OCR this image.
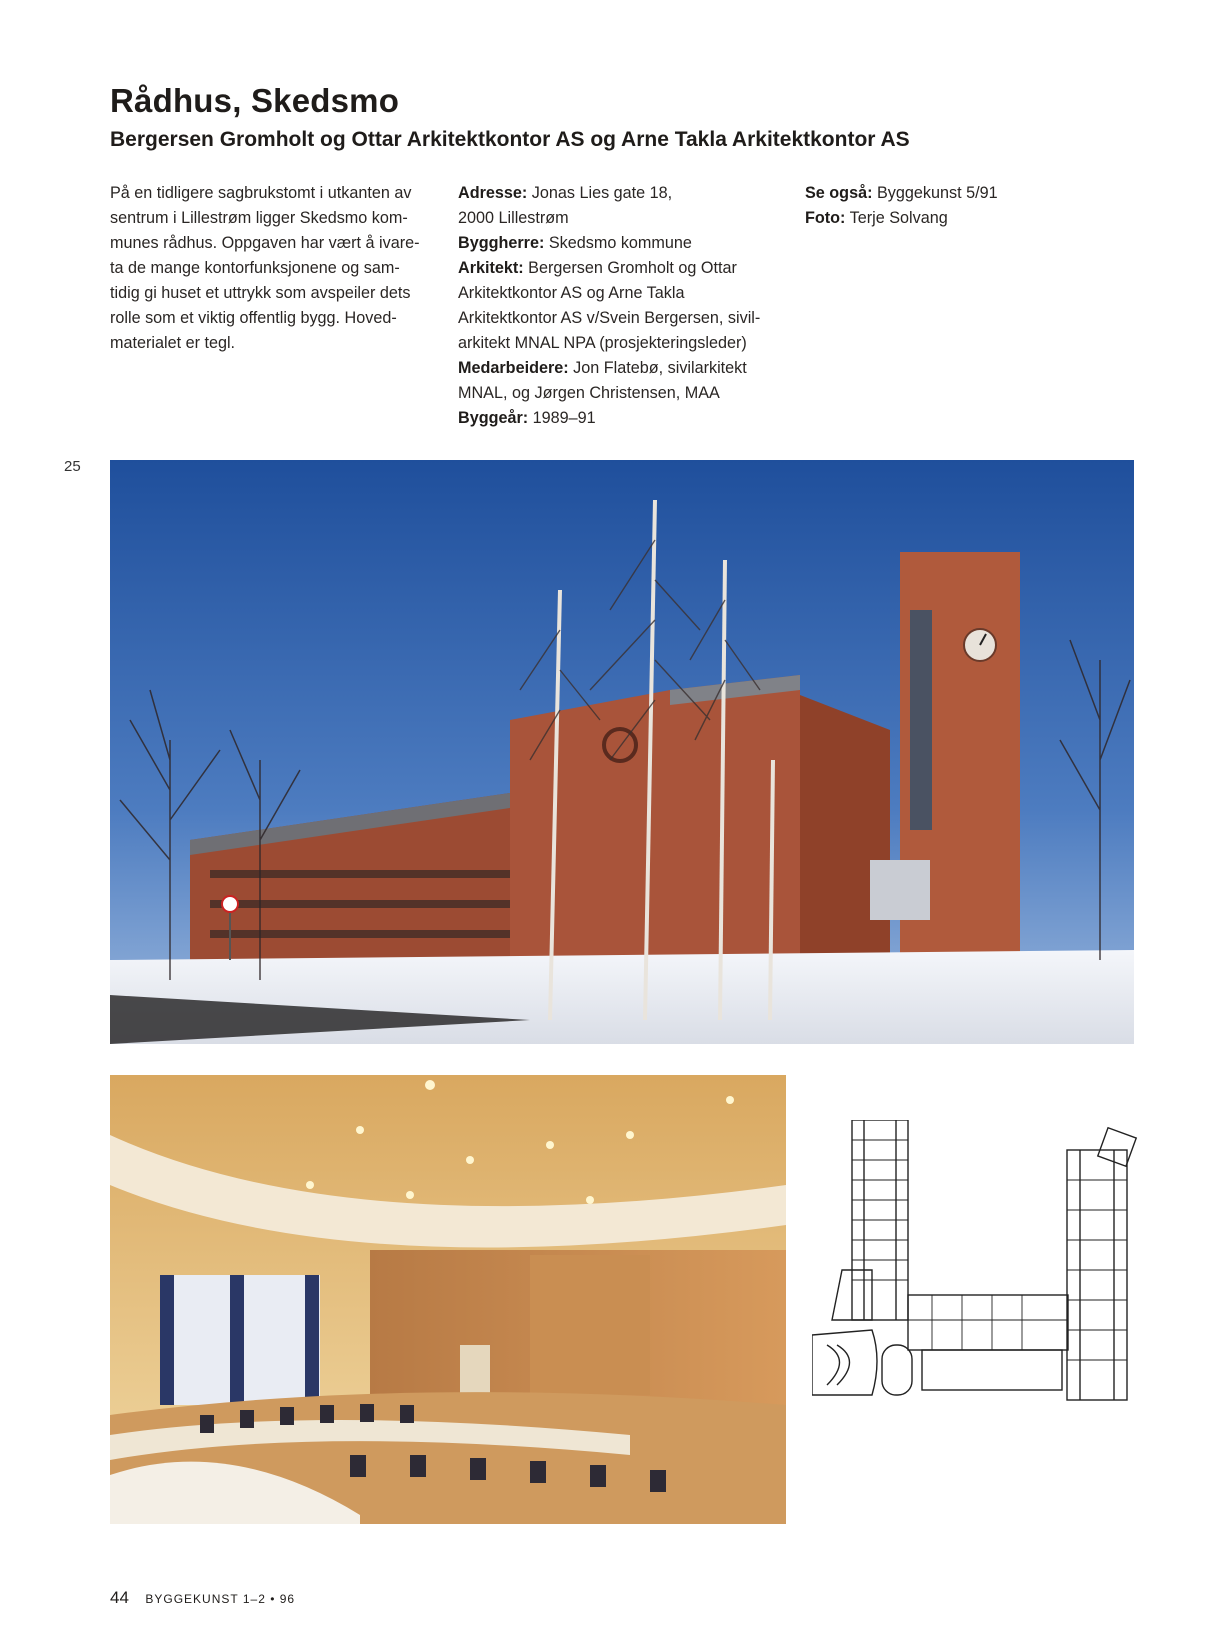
Rådhus, Skedsmo
Bergersen Gromholt og Ottar Arkitektkontor AS og Arne Takla Arkitektkontor AS

På en tidligere sagbrukstomt i utkanten av

sentrum i Lillestrøm ligger Skedsmo kom-

munes rådhus. Oppgaven har vært å ivare-

ta de mange kontorfunksjonene og sam-

tidig gi huset et uttrykk som avspeiler dets

rolle som et viktig offentlig bygg. Hoved-

materialet er tegl.

Adresse: Jonas Lies gate 18,

2000 Lillestrøm

Byggherre: Skedsmo kommune

Arkitekt: Bergersen Gromholt og Ottar

Arkitektkontor AS og Arne Takla

Arkitektkontor AS v/Svein Bergersen, sivil-

arkitekt MNAL NPA (prosjekteringsleder)

Medarbeidere: Jon Flatebø, sivilarkitekt

MNAL, og Jørgen Christensen, MAA

Byggeår: 1989–91

Se også: Byggekunst 5/91

Foto: Terje Solvang

25
44 BYGGEKUNST 1–2 • 96
